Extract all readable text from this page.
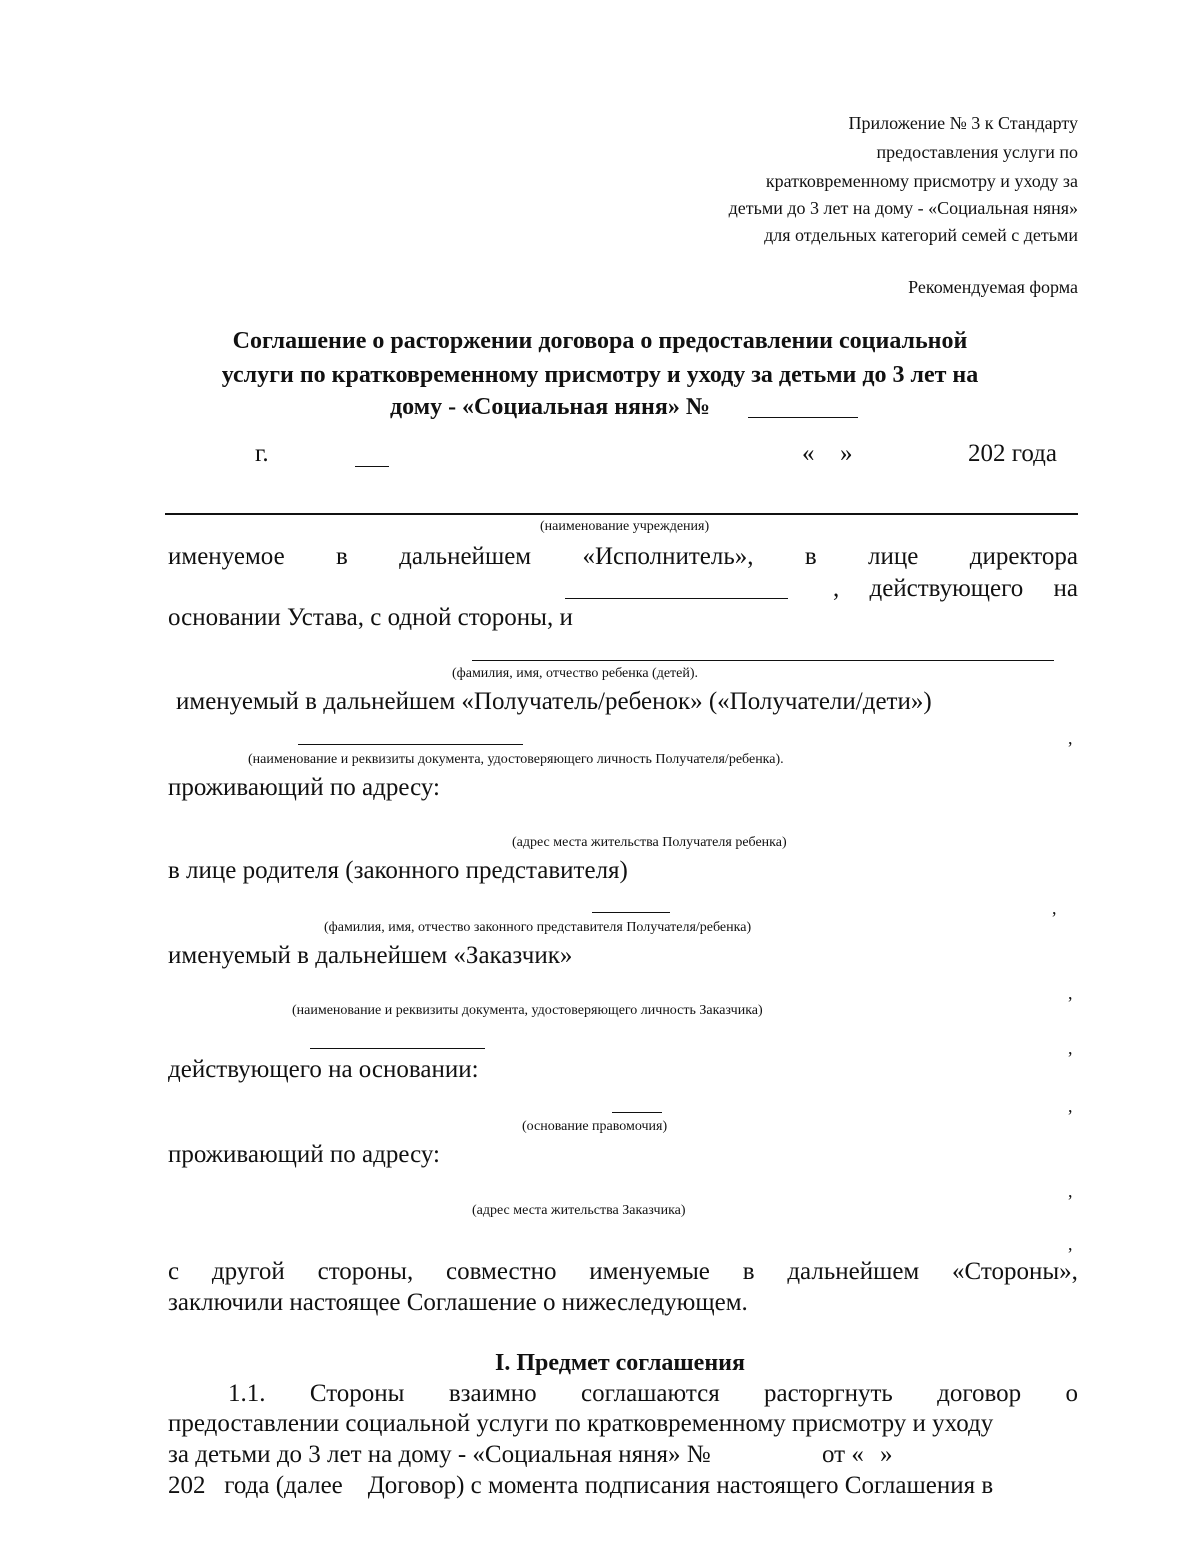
Приложение № 3 к Стандарту
предоставления услуги по
кратковременному присмотру и уходу за
детьми до 3 лет на дому - «Социальная няня»
для отдельных категорий семей с детьми
Рекомендуемая форма
Соглашение о расторжении договора о предоставлении социальной
услуги по кратковременному присмотру и уходу за детьми до 3 лет на
дому - «Социальная няня» №
г.	« »	202 года
(наименование учреждения)
именуемое в дальнейшем «Исполнитель», в лице директора
, действующего на
основании Устава, с одной стороны, и
(фамилия, имя, отчество ребенка (детей).
именуемый в дальнейшем «Получатель/ребенок» («Получатели/дети»)
,
(наименование и реквизиты документа, удостоверяющего личность Получателя/ребенка).
проживающий по адресу:
(адрес места жительства Получателя ребенка)
в лице родителя (законного представителя)
,
(фамилия, имя, отчество законного представителя Получателя/ребенка)
именуемый в дальнейшем «Заказчик»
,
(наименование и реквизиты документа, удостоверяющего личность Заказчика)
,
действующего на основании:
,
(основание правомочия)
проживающий по адресу:
,
(адрес места жительства Заказчика)
,
с другой стороны, совместно именуемые в дальнейшем «Стороны»,
заключили настоящее Соглашение о нижеследующем.
I. Предмет соглашения
1.1. Стороны взаимно соглашаются расторгнуть договор о
предоставлении социальной услуги по кратковременному присмотру и уходу
за детьми до 3 лет на дому - «Социальная няня» №	от « »
202   года (далее    Договор) с момента подписания настоящего Соглашения в
